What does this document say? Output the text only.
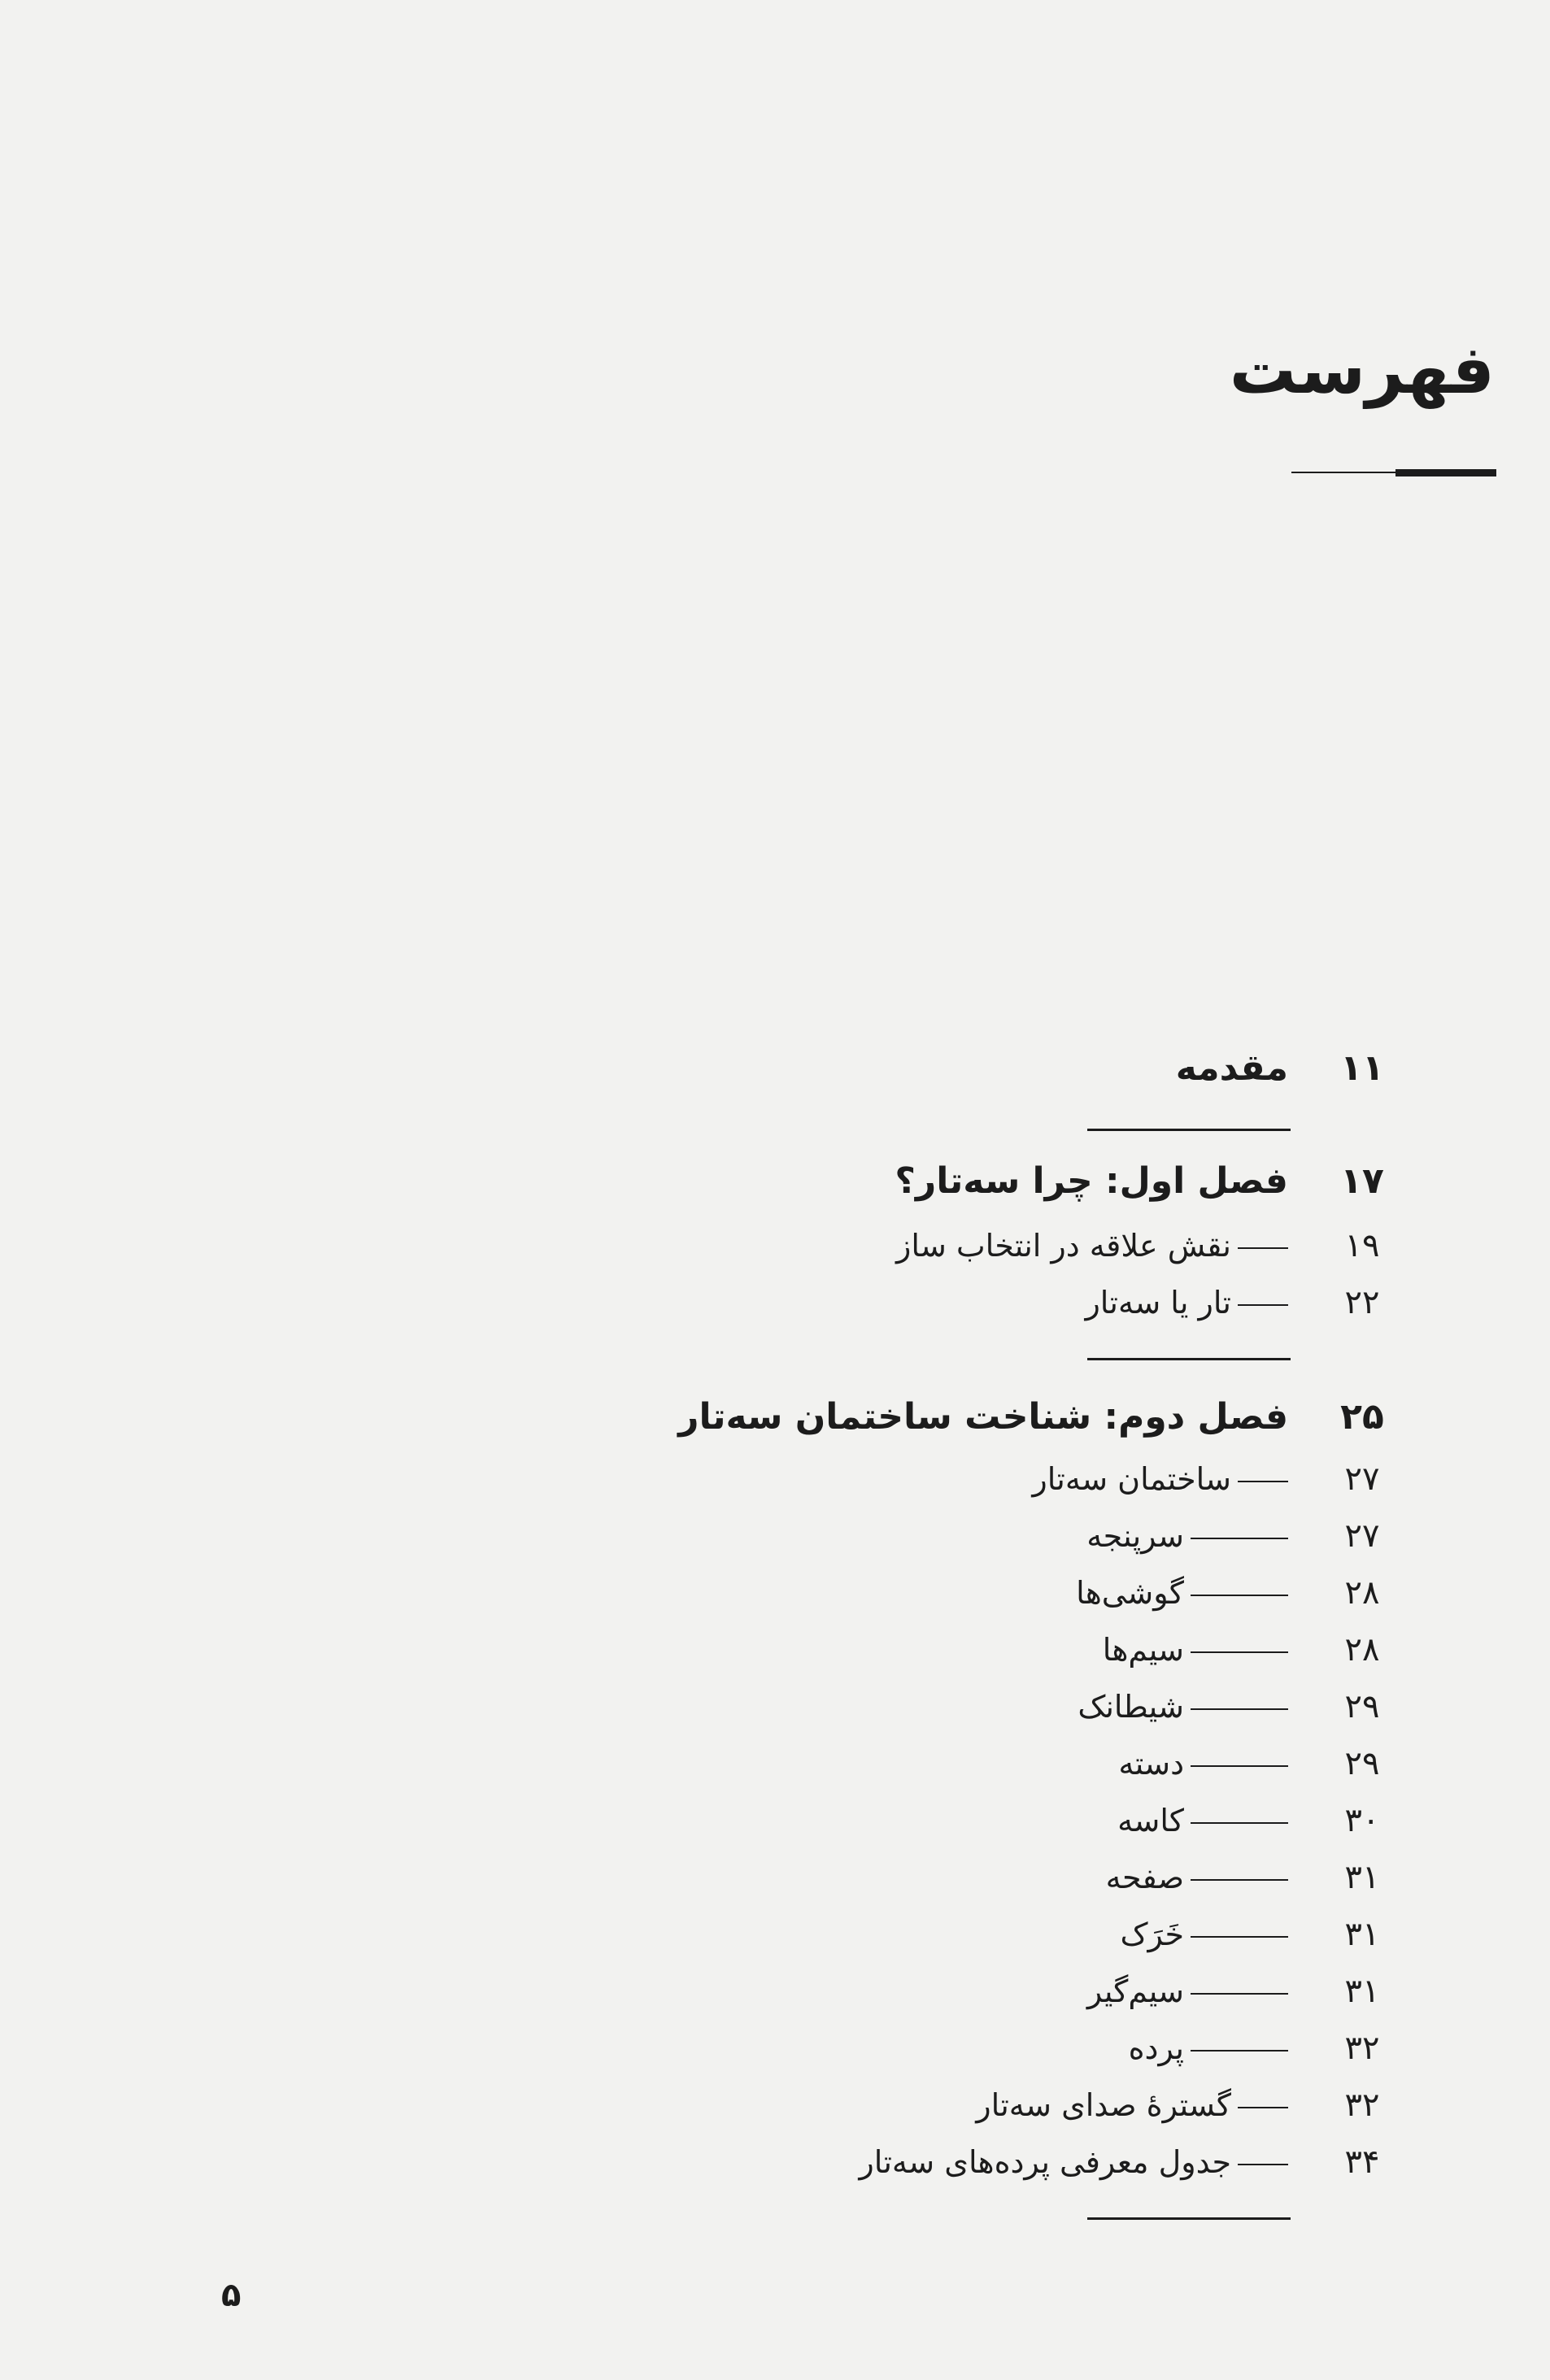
فهرست
۱۱
مقدمه
۱۷
فصل اول: چرا سه‌تار؟
۱۹
نقش علاقه در انتخاب ساز
۲۲
تار یا سه‌تار
۲۵
فصل دوم: شناخت ساختمان سه‌تار
۲۷
ساختمان سه‌تار
۲۷
سرپنجه
۲۸
گوشی‌ها
۲۸
سیم‌ها
۲۹
شیطانک
۲۹
دسته
۳۰
کاسه
۳۱
صفحه
۳۱
خَرَک
۳۱
سیم‌گیر
۳۲
پرده
۳۲
گسترهٔ صدای سه‌تار
۳۴
جدول معرفی پرده‌های سه‌تار
۵
